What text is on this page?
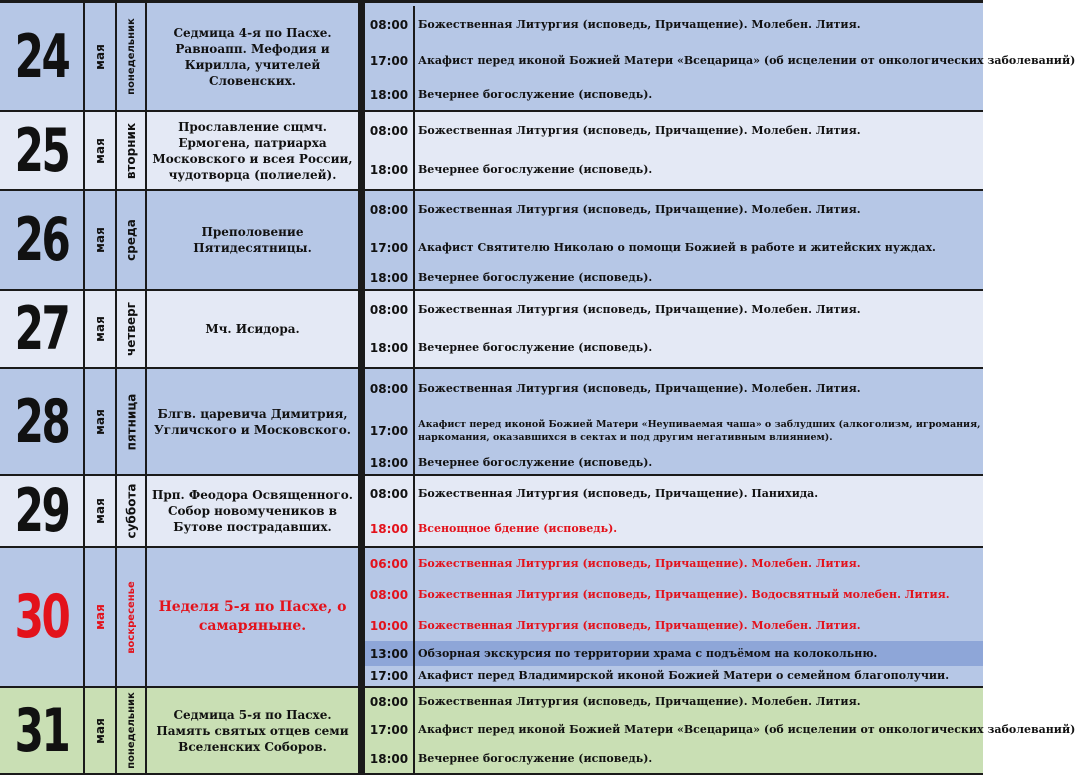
24 мая понедельник	Седмица 4-я по Пасхе. Равноапп. Мефодия и Кирилла, учителей Словенских.
08:00 Божественная Литургия (исповедь, Причащение). Молебен. Лития.
17:00 Акафист перед иконой Божией Матери «Всецарица» (об исцелении от онкологических заболеваний)
18:00 Вечернее богослужение (исповедь).
25 мая вторник	Прославление сщмч. Ермогена, патриарха Московского и всея России, чудотворца (полиелей).
08:00 Божественная Литургия (исповедь, Причащение). Молебен. Лития.
18:00 Вечернее богослужение (исповедь).
26 мая среда	Преполовение Пятидесятницы.
08:00 Божественная Литургия (исповедь, Причащение). Молебен. Лития.
17:00 Акафист Святителю Николаю о помощи Божией в работе и житейских нуждах.
18:00 Вечернее богослужение (исповедь).
27 мая четверг	Мч. Исидора.
08:00 Божественная Литургия (исповедь, Причащение). Молебен. Лития.
18:00 Вечернее богослужение (исповедь).
28 мая пятница	Блгв. царевича Димитрия, Угличского и Московского.
08:00 Божественная Литургия (исповедь, Причащение). Молебен. Лития.
17:00	Акафист перед иконой Божией Матери «Неупиваемая чаша» о заблудших (алкоголизм, игромания, наркомания, оказавшихся в сектах и под другим негативным влиянием).
18:00 Вечернее богослужение (исповедь).
29 мая суббота Прп. Феодора Освященного. Собор новомучеников в Бутове пострадавших.
08:00 Божественная Литургия (исповедь, Причащение). Панихида.
18:00 Всенощное бдение (исповедь).
30 мая воскресенье	Неделя 5-я по Пасхе, о самаряныне.
06:00 Божественная Литургия (исповедь, Причащение). Молебен. Лития.
08:00 Божественная Литургия (исповедь, Причащение). Водосвятный молебен. Лития.
10:00 Божественная Литургия (исповедь, Причащение). Молебен. Лития.
13:00 Обзорная экскурсия по территории храма с подъёмом на колокольню.
17:00 Акафист перед Владимирской иконой Божией Матери о семейном благополучии.
31 мая понедельник	Седмица 5-я по Пасхе. Память святых отцев семи Вселенских Соборов.
08:00 Божественная Литургия (исповедь, Причащение). Молебен. Лития.
17:00 Акафист перед иконой Божией Матери «Всецарица» (об исцелении от онкологических заболеваний)
18:00 Вечернее богослужение (исповедь).
